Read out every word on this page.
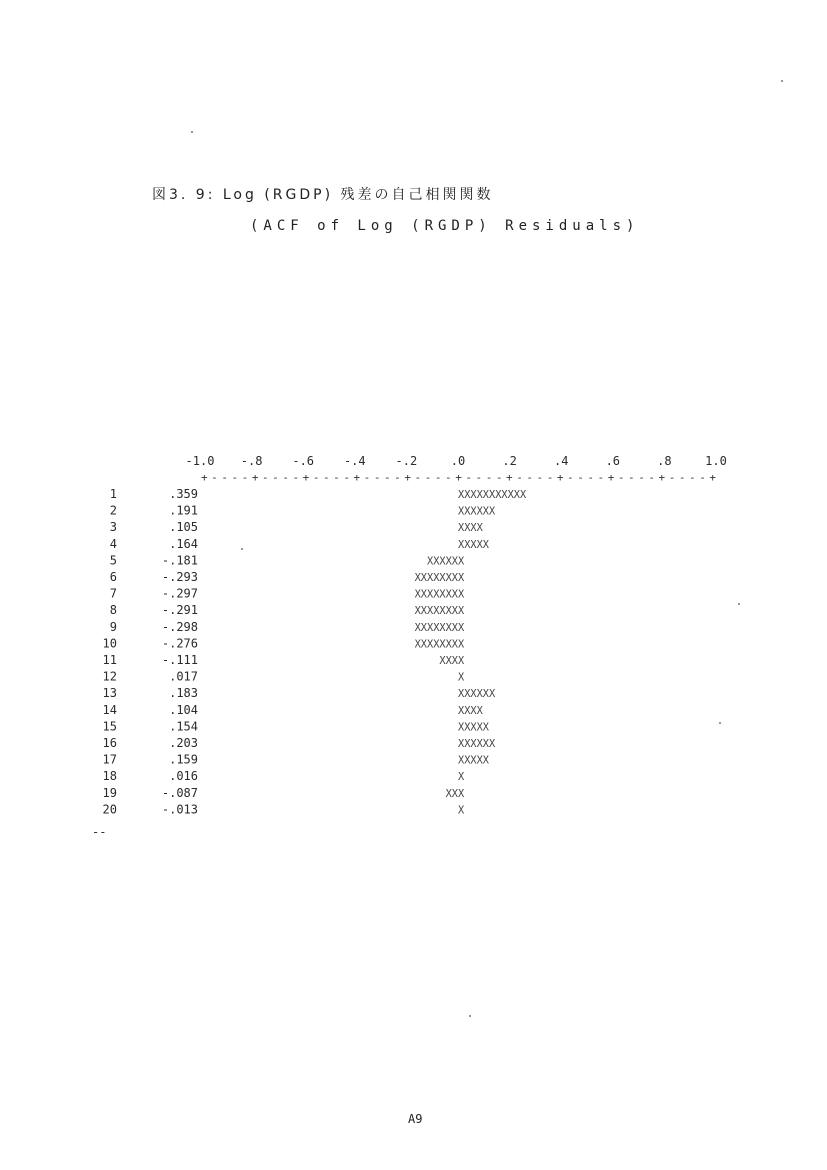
図3. 9: Log (RGDP) 残差の自己相関関数
(ACF of Log (RGDP) Residuals)
-1.0 -.8 -.6 -.4 -.2	.0	.2	.4	.6	.8	1.0
+----+----+----+----+----+----+----+----+----+----+
1	.359	XXXXXXXXXXX
2	.191	XXXXXX
3	.105	XXXX
4	.164	XXXXX
5	-.181	XXXXXX
6	-.293	XXXXXXXX
7	-.297	XXXXXXXX
8	-.291	XXXXXXXX
9	-.298	XXXXXXXX
10	-.276	XXXXXXXX
11	-.111	XXXX
12	.017	X
13	.183	XXXXXX
14	.104	XXXX
15	.154	XXXXX
16	.203	XXXXXX
17	.159	XXXXX
18	.016	X
19	-.087	XXX
20	-.013	X
--
A9
